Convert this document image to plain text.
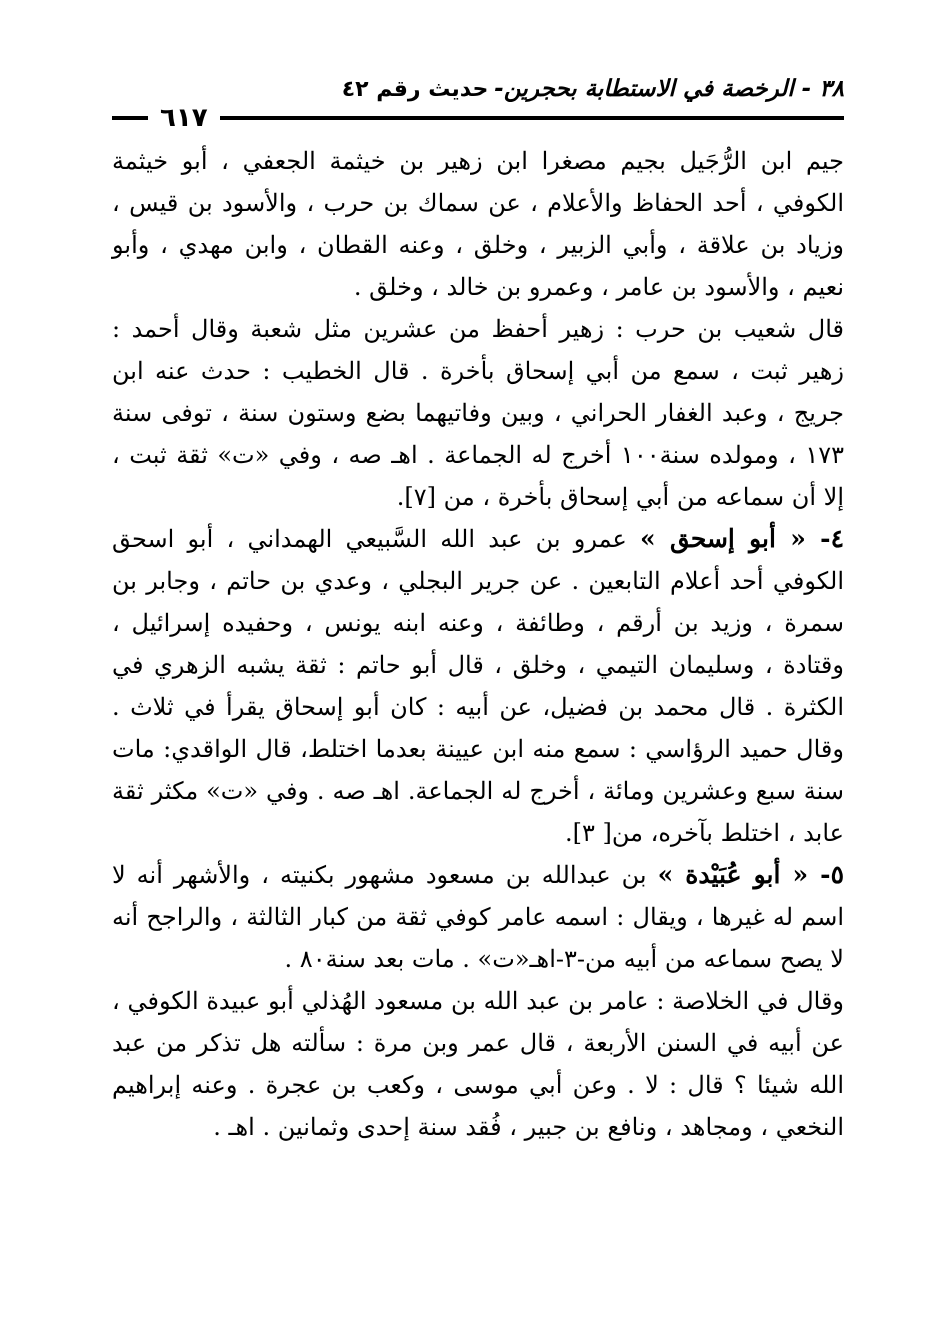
٣٨ - الرخصة في الاستطابة بحجرين-
حديث رقم ٤٢
٦١٧

جيم ابن الرُّجَيل بجيم مصغرا ابن زهير بن خيثمة الجعفي ، أبو خيثمة الكوفي ، أحد الحفاظ والأعلام ، عن سماك بن حرب ، والأسود بن قيس ، وزياد بن علاقة ، وأبي الزبير ، وخلق ، وعنه القطان ، وابن مهدي ، وأبو نعيم ، والأسود بن عامر ، وعمرو بن خالد ، وخلق .

قال شعيب بن حرب : زهير أحفظ من عشرين مثل شعبة وقال أحمد : زهير ثبت ، سمع من أبي إسحاق بأخرة . قال الخطيب : حدث عنه ابن جريج ، وعبد الغفار الحراني ، وبين وفاتيهما بضع وستون سنة ، توفى سنة ١٧٣ ، ومولده سنة١٠٠ أخرج له الجماعة . اهـ صه ، وفي «ت» ثقة ثبت ، إلا أن سماعه من أبي إسحاق بأخرة ، من [٧].

٤- « أبو إسحق » عمرو بن عبد الله السَّبيعي الهمداني ، أبو اسحق الكوفي أحد أعلام التابعين . عن جرير البجلي ، وعدي بن حاتم ، وجابر بن سمرة ، وزيد بن أرقم ، وطائفة ، وعنه ابنه يونس ، وحفيده إسرائيل ، وقتادة ، وسليمان التيمي ، وخلق ، قال أبو حاتم : ثقة يشبه الزهري في الكثرة . قال محمد بن فضيل، عن أبيه : كان أبو إسحاق يقرأ في ثلاث . وقال حميد الرؤاسي : سمع منه ابن عيينة بعدما اختلط، قال الواقدي: مات سنة سبع وعشرين ومائة ، أخرج له الجماعة. اهـ صه . وفي «ت» مكثر ثقة عابد ، اختلط بآخره، من[ ٣].

٥- « أبو عُبَيْدة » بن عبدالله بن مسعود مشهور بكنيته ، والأشهر أنه لا اسم له غيرها ، ويقال : اسمه عامر كوفي ثقة من كبار الثالثة ، والراجح أنه لا يصح سماعه من أبيه من-٣-اهـ«ت» . مات بعد سنة٨٠ .

وقال في الخلاصة : عامر بن عبد الله بن مسعود الهُذلي أبو عبيدة الكوفي ، عن أبيه في السنن الأربعة ، قال عمر وبن مرة : سألته هل تذكر من عبد الله شيئا ؟ قال : لا . وعن أبي موسى ، وكعب بن عجرة . وعنه إبراهيم النخعي ، ومجاهد ، ونافع بن جبير ، فُقد سنة إحدى وثمانين . اهـ .
